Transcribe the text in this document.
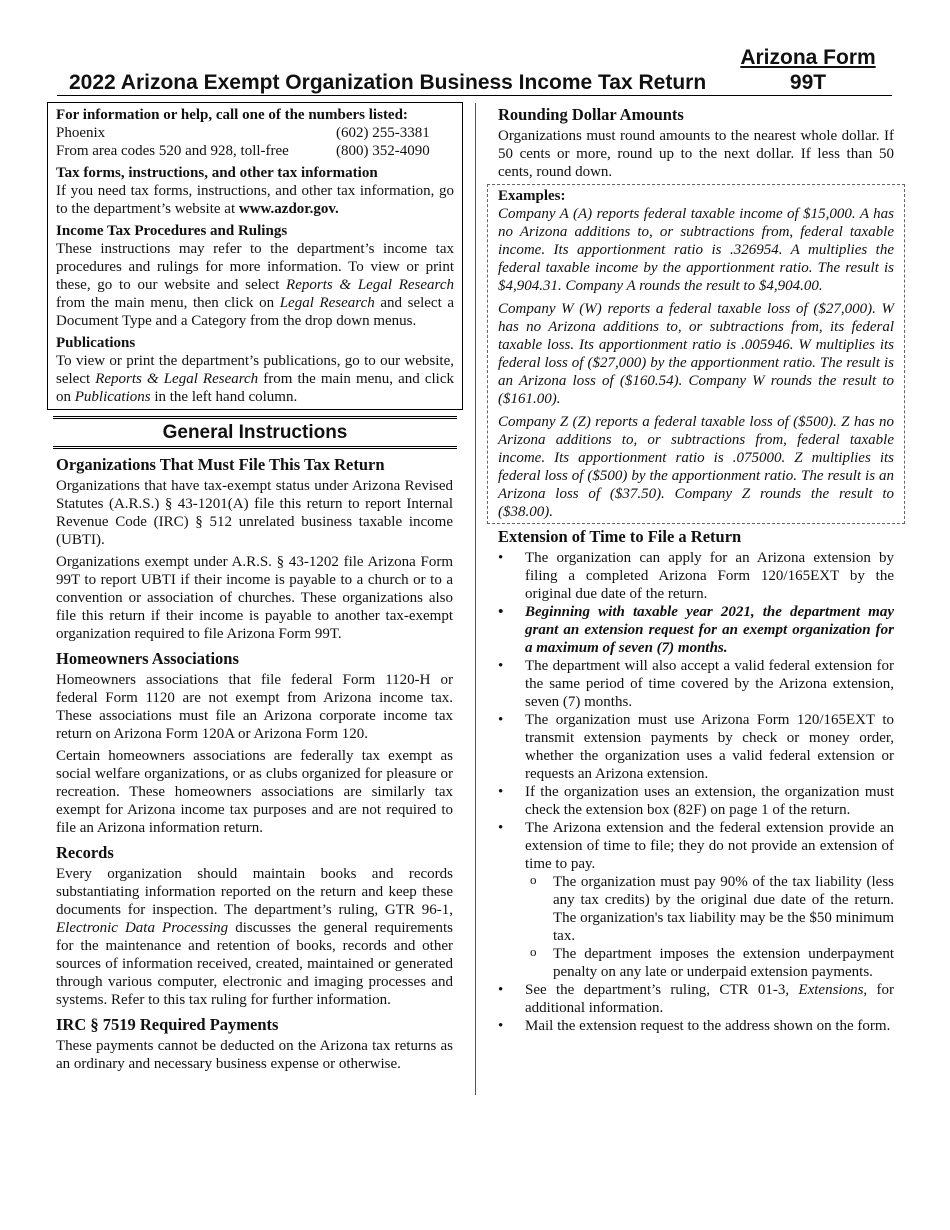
Arizona Form
2022 Arizona Exempt Organization Business Income Tax Return	99T
For information or help, call one of the numbers listed:
Phoenix	(602) 255-3381
From area codes 520 and 928, toll-free	(800) 352-4090
Tax forms, instructions, and other tax information

If you need tax forms, instructions, and other tax information, go to the department’s website at www.azdor.gov.

Income Tax Procedures and Rulings

These instructions may refer to the department’s income tax procedures and rulings for more information. To view or print these, go to our website and select Reports & Legal Research from the main menu, then click on Legal Research and select a Document Type and a Category from the drop down menus.

Publications

To view or print the department’s publications, go to our website, select Reports & Legal Research from the main menu, and click on Publications in the left hand column.

General Instructions
Organizations That Must File This Tax Return

Organizations that have tax-exempt status under Arizona Revised Statutes (A.R.S.) § 43-1201(A) file this return to report Internal Revenue Code (IRC) § 512 unrelated business taxable income (UBTI).

Organizations exempt under A.R.S. § 43-1202 file Arizona Form 99T to report UBTI if their income is payable to a church or to a convention or association of churches. These organizations also file this return if their income is payable to another tax-exempt organization required to file Arizona Form 99T.

Homeowners Associations

Homeowners associations that file federal Form 1120-H or federal Form 1120 are not exempt from Arizona income tax. These associations must file an Arizona corporate income tax return on Arizona Form 120A or Arizona Form 120.

Certain homeowners associations are federally tax exempt as social welfare organizations, or as clubs organized for pleasure or recreation. These homeowners associations are similarly tax exempt for Arizona income tax purposes and are not required to file an Arizona information return.

Records

Every organization should maintain books and records substantiating information reported on the return and keep these documents for inspection. The department’s ruling, GTR 96-1, Electronic Data Processing discusses the general requirements for the maintenance and retention of books, records and other sources of information received, created, maintained or generated through various computer, electronic and imaging processes and systems. Refer to this tax ruling for further information.

IRC § 7519 Required Payments

These payments cannot be deducted on the Arizona tax returns as an ordinary and necessary business expense or otherwise.

Rounding Dollar Amounts

Organizations must round amounts to the nearest whole dollar. If 50 cents or more, round up to the next dollar. If less than 50 cents, round down.

Examples:

Company A (A) reports federal taxable income of $15,000. A has no Arizona additions to, or subtractions from, federal taxable income. Its apportionment ratio is .326954. A multiplies the federal taxable income by the apportionment ratio. The result is $4,904.31. Company A rounds the result to $4,904.00.

Company W (W) reports a federal taxable loss of ($27,000). W has no Arizona additions to, or subtractions from, its federal taxable loss. Its apportionment ratio is .005946. W multiplies its federal loss of ($27,000) by the apportionment ratio. The result is an Arizona loss of ($160.54). Company W rounds the result to ($161.00).

Company Z (Z) reports a federal taxable loss of ($500). Z has no Arizona additions to, or subtractions from, federal taxable income. Its apportionment ratio is .075000. Z multiplies its federal loss of ($500) by the apportionment ratio. The result is an Arizona loss of ($37.50). Company Z rounds the result to ($38.00).

Extension of Time to File a Return
• The organization can apply for an Arizona extension by filing a completed Arizona Form 120/165EXT by the original due date of the return.
• Beginning with taxable year 2021, the department may grant an extension request for an exempt organization for a maximum of seven (7) months.
• The department will also accept a valid federal extension for the same period of time covered by the Arizona extension, seven (7) months.
• The organization must use Arizona Form 120/165EXT to transmit extension payments by check or money order, whether the organization uses a valid federal extension or requests an Arizona extension.
• If the organization uses an extension, the organization must check the extension box (82F) on page 1 of the return.
• The Arizona extension and the federal extension provide an extension of time to file; they do not provide an extension of time to pay.
o The organization must pay 90% of the tax liability (less any tax credits) by the original due date of the return. The organization's tax liability may be the $50 minimum tax.
o The department imposes the extension underpayment penalty on any late or underpaid extension payments.
• See the department’s ruling, CTR 01-3, Extensions, for additional information.
• Mail the extension request to the address shown on the form.
